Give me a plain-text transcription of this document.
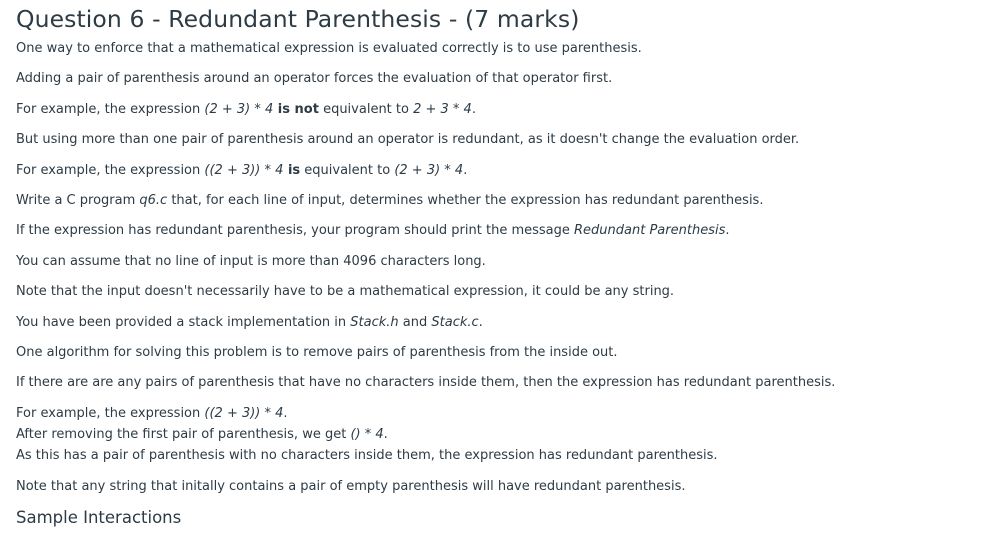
Question 6 - Redundant Parenthesis - (7 marks)

One way to enforce that a mathematical expression is evaluated correctly is to use parenthesis.

Adding a pair of parenthesis around an operator forces the evaluation of that operator first.

For example, the expression (2 + 3) * 4 is not equivalent to 2 + 3 * 4.

But using more than one pair of parenthesis around an operator is redundant, as it doesn't change the evaluation order.

For example, the expression ((2 + 3)) * 4 is equivalent to (2 + 3) * 4.

Write a C program q6.c that, for each line of input, determines whether the expression has redundant parenthesis.

If the expression has redundant parenthesis, your program should print the message Redundant Parenthesis.

You can assume that no line of input is more than 4096 characters long.

Note that the input doesn't necessarily have to be a mathematical expression, it could be any string.

You have been provided a stack implementation in Stack.h and Stack.c.

One algorithm for solving this problem is to remove pairs of parenthesis from the inside out.

If there are are any pairs of parenthesis that have no characters inside them, then the expression has redundant parenthesis.

For example, the expression ((2 + 3)) * 4.

After removing the first pair of parenthesis, we get () * 4.

As this has a pair of parenthesis with no characters inside them, the expression has redundant parenthesis.

Note that any string that initally contains a pair of empty parenthesis will have redundant parenthesis.

Sample Interactions
